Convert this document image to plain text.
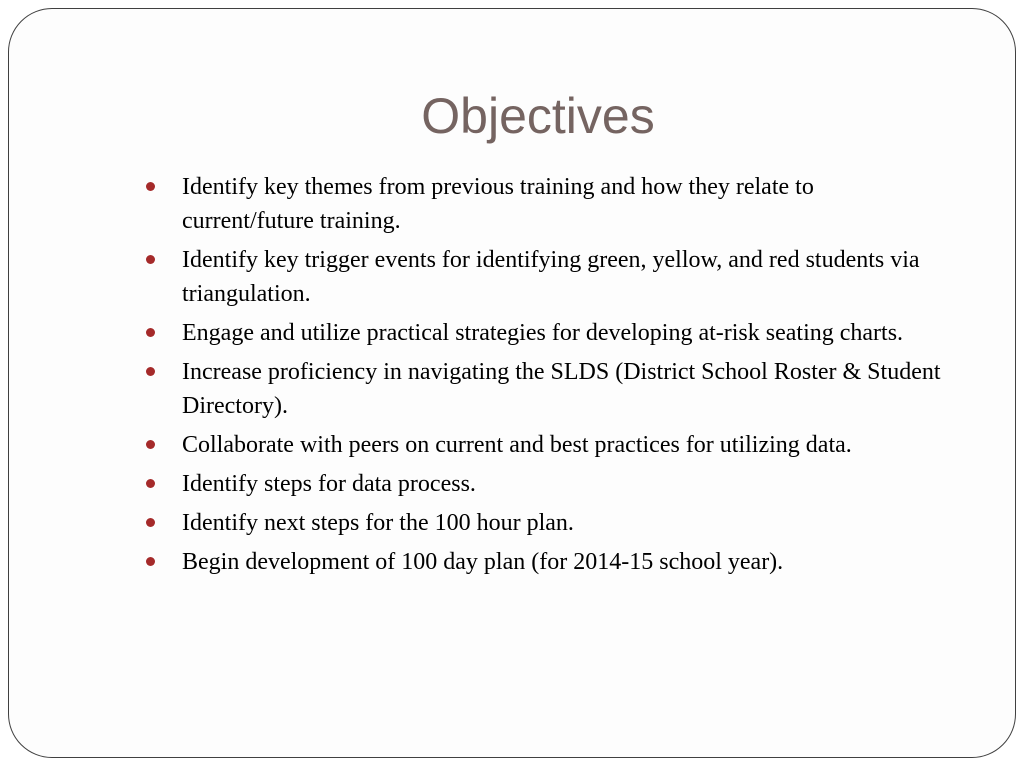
Objectives
Identify key themes from previous training and how they relate to current/future training.
Identify key trigger events for identifying green, yellow, and red students via triangulation.
Engage and utilize practical strategies for developing at-risk seating charts.
Increase proficiency in navigating the SLDS (District School Roster & Student Directory).
Collaborate with peers on current and best practices for utilizing data.
Identify steps for data process.
Identify next steps for the 100 hour plan.
Begin development of 100 day plan (for 2014-15 school year).
